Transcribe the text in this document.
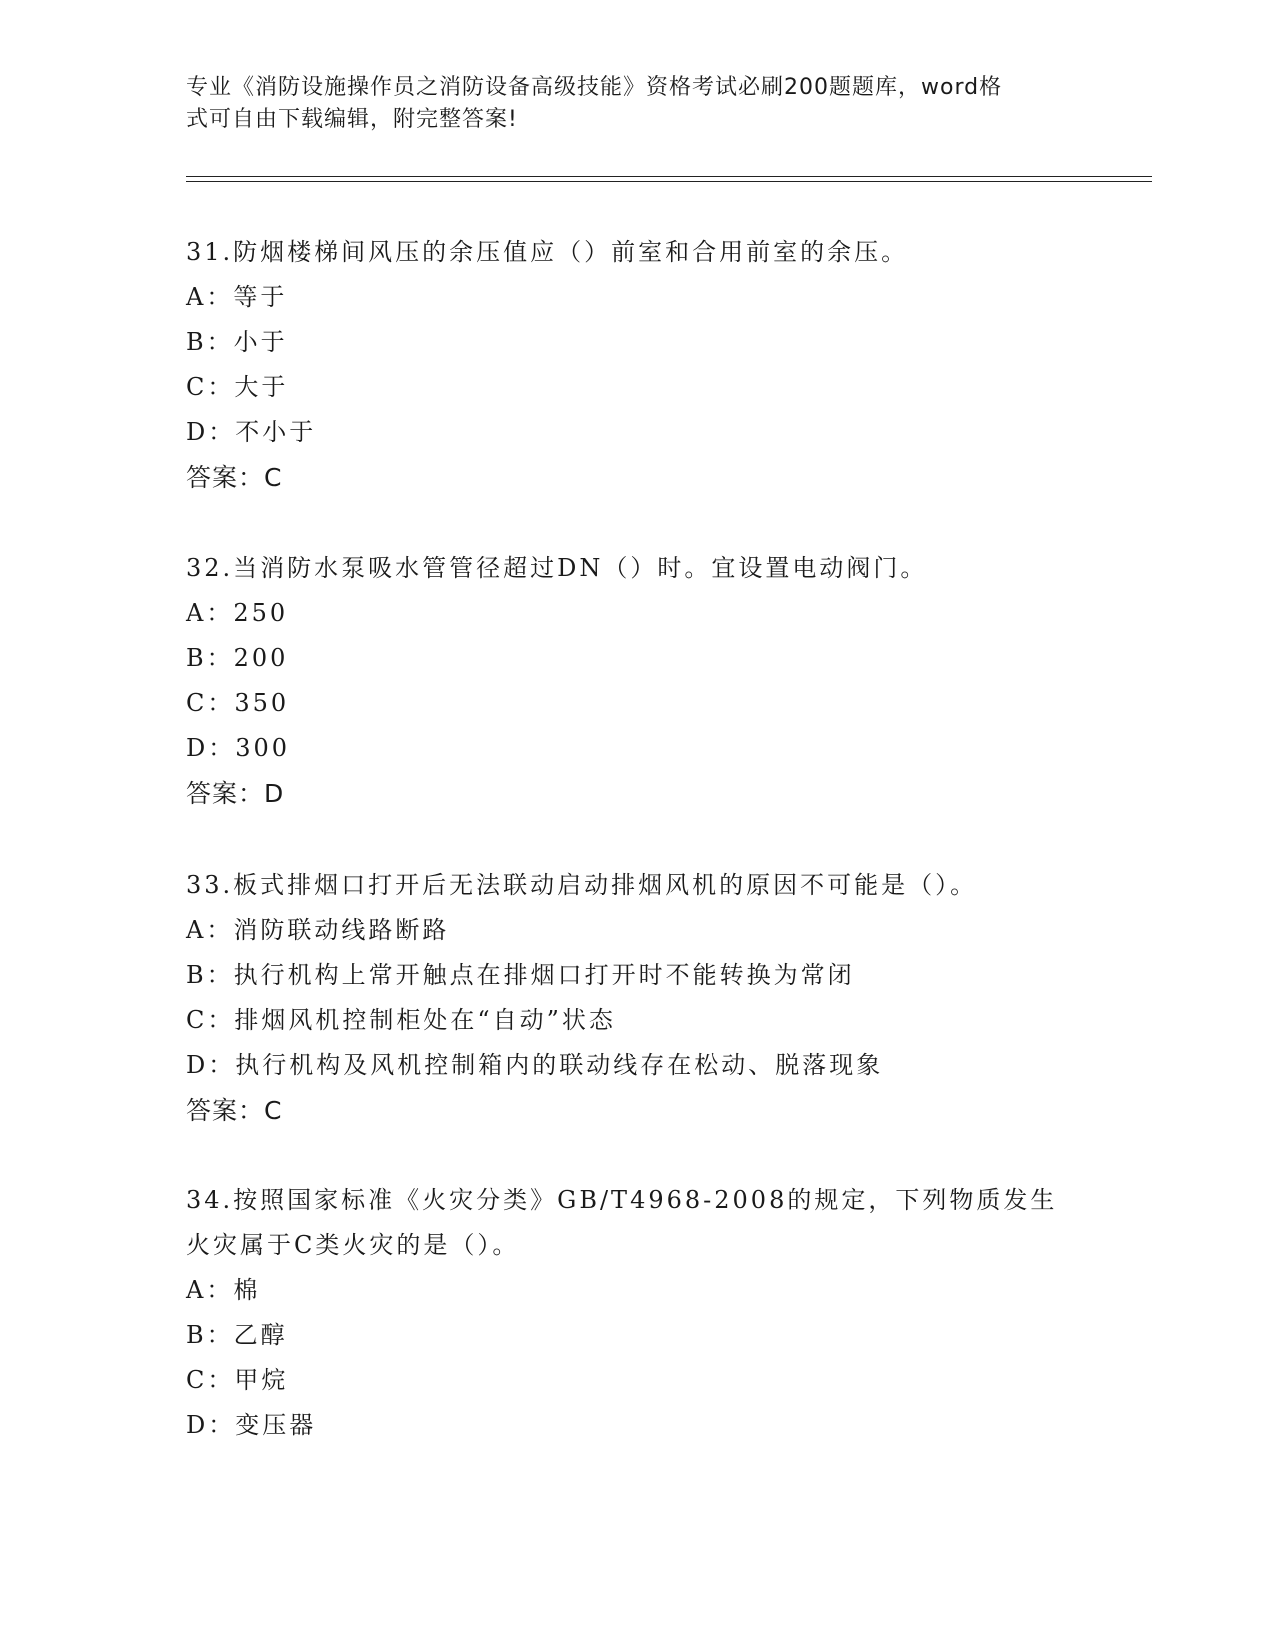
专业《消防设施操作员之消防设备高级技能》资格考试必刷200题题库，word格
式可自由下载编辑，附完整答案!
31.防烟楼梯间风压的余压值应（）前室和合用前室的余压。
A：等于
B：小于
C：大于
D：不小于
答案：C
32.当消防水泵吸水管管径超过DN（）时。宜设置电动阀门。
A：250
B：200
C：350
D：300
答案：D
33.板式排烟口打开后无法联动启动排烟风机的原因不可能是（）。
A：消防联动线路断路
B：执行机构上常开触点在排烟口打开时不能转换为常闭
C：排烟风机控制柜处在“自动”状态
D：执行机构及风机控制箱内的联动线存在松动、脱落现象
答案：C
34.按照国家标准《火灾分类》GB/T4968-2008的规定，下列物质发生
火灾属于C类火灾的是（）。
A：棉
B：乙醇
C：甲烷
D：变压器
